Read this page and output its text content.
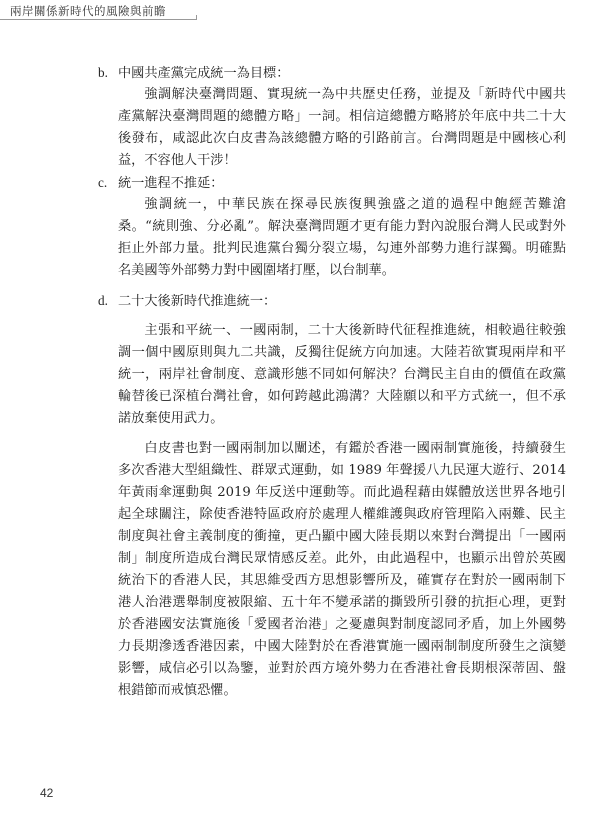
兩岸關係新時代的風險與前瞻
b. 中國共產黨完成統一為目標：

強調解決臺灣問題、實現統一為中共歷史任務，並提及「新時代中國共產黨解決臺灣問題的總體方略」一詞。相信這總體方略將於年底中共二十大後發布，咸認此次白皮書為該總體方略的引路前言。台灣問題是中國核心利益，不容他人干涉！

c. 統一進程不推延：

強調統一，中華民族在探尋民族復興強盛之道的過程中飽經苦難滄桑。“統則強、分必亂”。解決臺灣問題才更有能力對內說服台灣人民或對外拒止外部力量。批判民進黨台獨分裂立場，勾連外部勢力進行謀獨。明確點名美國等外部勢力對中國圍堵打壓，以台制華。

d. 二十大後新時代推進統一：

主張和平統一、一國兩制，二十大後新時代征程推進統，相較過往較強調一個中國原則與九二共識，反獨往促統方向加速。大陸若欲實現兩岸和平統一，兩岸社會制度、意識形態不同如何解決？台灣民主自由的價值在政黨輪替後已深植台灣社會，如何跨越此鴻溝？大陸願以和平方式統一，但不承諾放棄使用武力。

白皮書也對一國兩制加以闡述，有鑑於香港一國兩制實施後，持續發生多次香港大型組織性、群眾式運動，如 1989 年聲援八九民運大遊行、2014 年黃雨傘運動與 2019 年反送中運動等。而此過程藉由媒體放送世界各地引起全球關注，除使香港特區政府於處理人權維護與政府管理陷入兩難、民主制度與社會主義制度的衝撞，更凸顯中國大陸長期以來對台灣提出「一國兩制」制度所造成台灣民眾情感反差。此外，由此過程中，也顯示出曾於英國統治下的香港人民，其思維受西方思想影響所及，確實存在對於一國兩制下港人治港選舉制度被限縮、五十年不變承諾的撕毀所引發的抗拒心理，更對於香港國安法實施後「愛國者治港」之憂慮與對制度認同矛盾，加上外國勢力長期滲透香港因素，中國大陸對於在香港實施一國兩制制度所發生之演變影響，咸信必引以為鑒，並對於西方境外勢力在香港社會長期根深蒂固、盤根錯節而戒慎恐懼。

42
